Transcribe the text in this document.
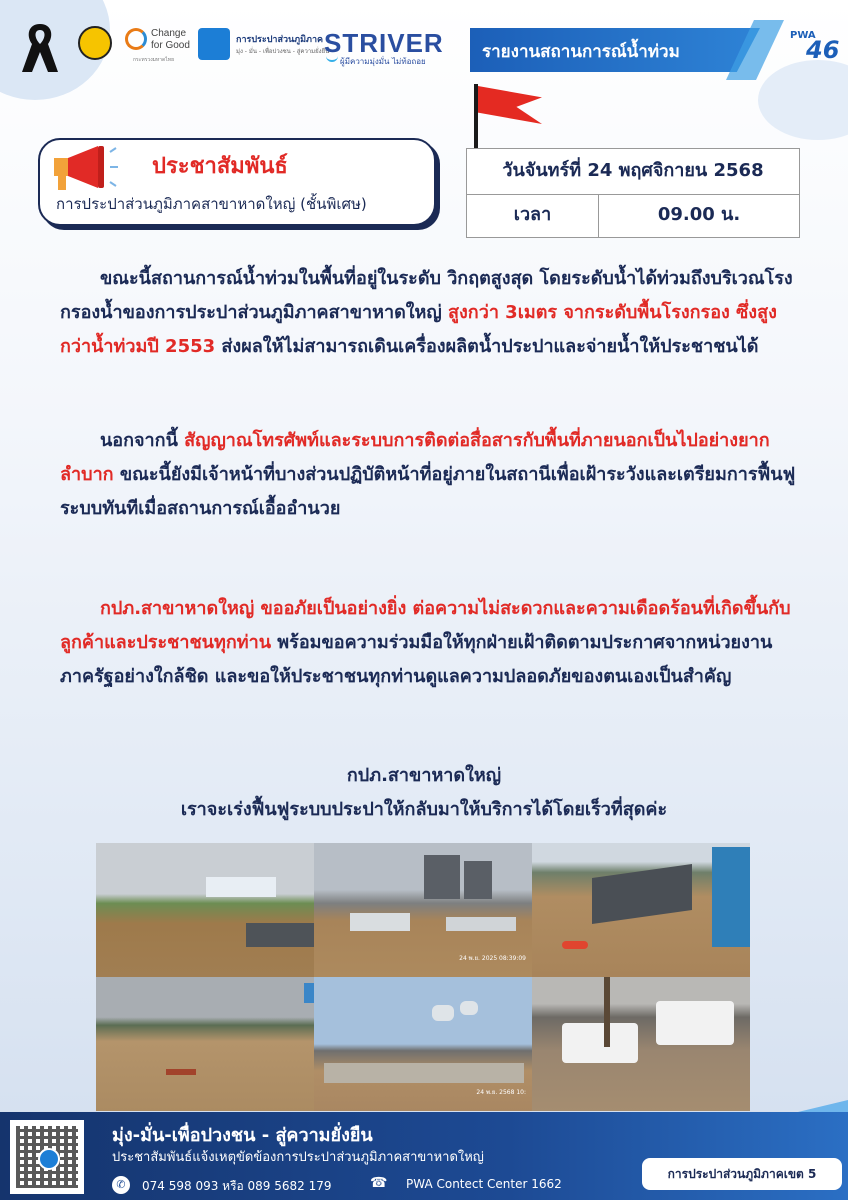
Change for Good
กระทรวงมหาดไทย
การประปาส่วนภูมิภาค
มุ่ง - มั่น - เพื่อปวงชน - สู่ความยั่งยืน
STRIVER
ผู้มีความมุ่งมั่น ไม่ท้อถอย	รายงานสถานการณ์น้ำท่วม
PWA
46
ประชาสัมพันธ์
การประปาส่วนภูมิภาคสาขาหาดใหญ่ (ชั้นพิเศษ)
วันจันทร์ที่ 24 พฤศจิกายน 2568
เวลา	09.00 น.
ขณะนี้สถานการณ์น้ำท่วมในพื้นที่อยู่ในระดับ วิกฤตสูงสุด โดยระดับน้ำได้ท่วมถึงบริเวณโรงกรองน้ำของการประปาส่วนภูมิภาคสาขาหาดใหญ่ สูงกว่า 3เมตร จากระดับพื้นโรงกรอง ซึ่งสูงกว่าน้ำท่วมปี 2553 ส่งผลให้ไม่สามารถเดินเครื่องผลิตน้ำประปาและจ่ายน้ำให้ประชาชนได้
นอกจากนี้ สัญญาณโทรศัพท์และระบบการติดต่อสื่อสารกับพื้นที่ภายนอกเป็นไปอย่างยากลำบาก ขณะนี้ยังมีเจ้าหน้าที่บางส่วนปฏิบัติหน้าที่อยู่ภายในสถานีเพื่อเฝ้าระวังและเตรียมการฟื้นฟูระบบทันทีเมื่อสถานการณ์เอื้ออำนวย
กปภ.สาขาหาดใหญ่ ขออภัยเป็นอย่างยิ่ง ต่อความไม่สะดวกและความเดือดร้อนที่เกิดขึ้นกับลูกค้าและประชาชนทุกท่าน พร้อมขอความร่วมมือให้ทุกฝ่ายเฝ้าติดตามประกาศจากหน่วยงานภาครัฐอย่างใกล้ชิด และขอให้ประชาชนทุกท่านดูแลความปลอดภัยของตนเองเป็นสำคัญ
กปภ.สาขาหาดใหญ่
เราจะเร่งฟื้นฟูระบบประปาให้กลับมาให้บริการได้โดยเร็วที่สุดค่ะ
24 พ.ย. 2025 08:39:09
24 พ.ย. 2568 10:
มุ่ง-มั่น-เพื่อปวงชน - สู่ความยั่งยืน
ประชาสัมพันธ์แจ้งเหตุขัดข้องการประปาส่วนภูมิภาคสาขาหาดใหญ่
✆	074 598 093 หรือ 089 5682 179	☎ PWA Contect Center 1662
การประปาส่วนภูมิภาคเขต 5
